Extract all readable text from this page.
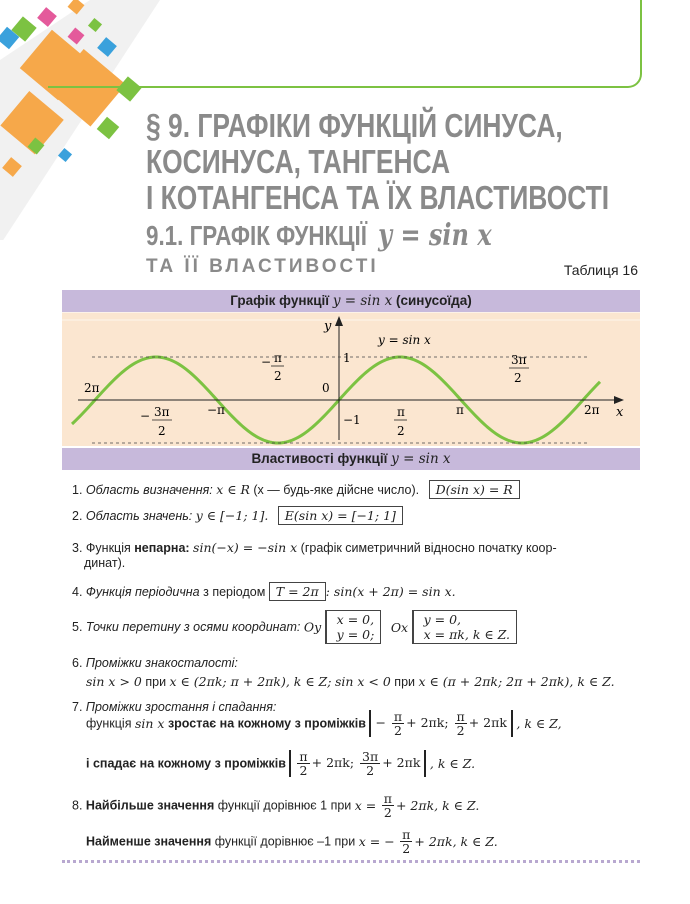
§ 9. ГРАФІКИ ФУНКЦІЙ СИНУСА,
КОСИНУСА, ТАНГЕНСА
І КОТАНГЕНСА ТА ЇХ ВЛАСТИВОСТІ
9.1. ГРАФІК ФУНКЦІЇ y = sin x
ТА ЇЇ ВЛАСТИВОСТІ	Таблиця 16
Графік функції y = sin x (синусоїда)
y
x
y = sin x
1
−1
0
2π
− 3π
2
−π
− π
2
π
2
π
3π
2
2π
Властивості функції y = sin x
1. Область визначення: x ∈ R (x — будь-яке дійсне число). D(sin x) = R
2. Область значень: y ∈ [−1; 1]. E(sin x) = [−1; 1]
3. Функція непарна: sin(−x) = −sin x (графік симетричний відносно початку коор-
динат).
4. Функція періодична з періодом T = 2π : sin(x + 2π) = sin x.
5. Точки перетину з осями координат: Oy x = 0,
y = 0; Ox y = 0,
x = πk, k ∈ Z.
6. Проміжки знакосталості:
sin x > 0 при x ∈ (2πk; π + 2πk), k ∈ Z; sin x < 0 при x ∈ (π + 2πk; 2π + 2πk), k ∈ Z.
7. Проміжки зростання і спадання:
функція sin x зростає на кожному з проміжків − $\frac{\pi}{2} + 2\pi k$; $\frac{\pi}{2} + 2\pi k$ , k ∈ Z,
і спадає на кожному з проміжків $\frac{\pi}{2} + 2\pi k$; $\frac{3\pi}{2} + 2\pi k$ , k ∈ Z.
8. Найбільше значення функції дорівнює 1 при $x = \frac{\pi}{2} + 2\pi k$, k ∈ Z.
Найменше значення функції дорівнює –1 при x = − $\frac{\pi}{2} + 2\pi k$, k ∈ Z.
